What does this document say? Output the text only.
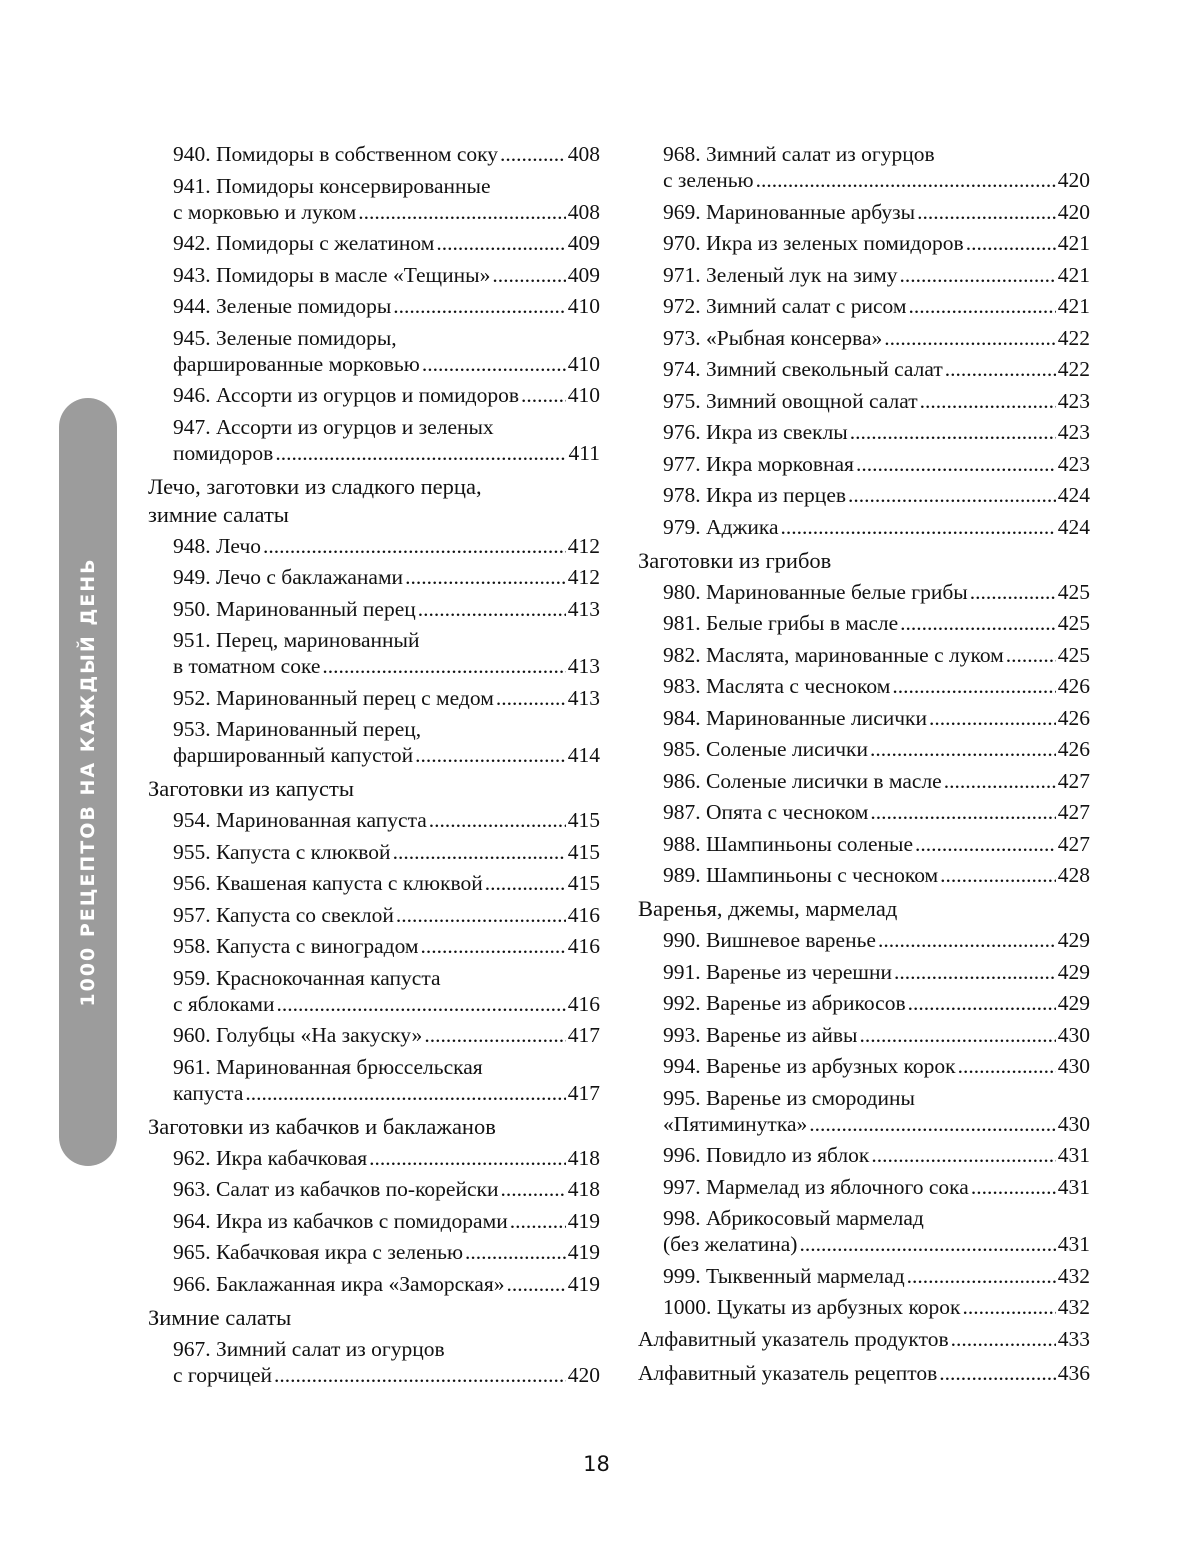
1000 РЕЦЕПТОВ НА КАЖДЫЙ ДЕНЬ
940. Помидоры в собственном соку .....	408
941. Помидоры консервированные
с морковью и луком .....	408
942. Помидоры с желатином .....	409
943. Помидоры в масле «Тещины» .....	409
944. Зеленые помидоры .....	410
945. Зеленые помидоры,
фаршированные морковью .....	410
946. Ассорти из огурцов и помидоров ..... 410
947. Ассорти из огурцов и зеленых
помидоров .....	411
Лечо, заготовки из сладкого перца,
зимние салаты
948. Лечо .....	412
949. Лечо с баклажанами .....	412
950. Маринованный перец .....	413
951. Перец, маринованный
в томатном соке .....	413
952. Маринованный перец с медом .....	413
953. Маринованный перец,
фаршированный капустой .....	414
Заготовки из капусты
954. Маринованная капуста .....	415
955. Капуста с клюквой .....	415
956. Квашеная капуста с клюквой .....	415
957. Капуста со свеклой .....	416
958. Капуста с виноградом .....	416
959. Краснокочанная капуста
с яблоками .....	416
960. Голубцы «На закуску» .....	417
961. Маринованная брюссельская
капуста .....	417
Заготовки из кабачков и баклажанов
962. Икра кабачковая .....	418
963. Салат из кабачков по-корейски .....	418
964. Икра из кабачков с помидорами .....	419
965. Кабачковая икра с зеленью .....	419
966. Баклажанная икра «Заморская» .....	419
Зимние салаты
967. Зимний салат из огурцов
с горчицей .....	420
968. Зимний салат из огурцов
с зеленью .....	420
969. Маринованные арбузы .....	420
970. Икра из зеленых помидоров .....	421
971. Зеленый лук на зиму .....	421
972. Зимний салат с рисом .....	421
973. «Рыбная консерва» .....	422
974. Зимний свекольный салат .....	422
975. Зимний овощной салат .....	423
976. Икра из свеклы .....	423
977. Икра морковная .....	423
978. Икра из перцев .....	424
979. Аджика .....	424
Заготовки из грибов
980. Маринованные белые грибы .....	425
981. Белые грибы в масле .....	425
982. Маслята, маринованные с луком .....	425
983. Маслята с чесноком .....	426
984. Маринованные лисички .....	426
985. Соленые лисички .....	426
986. Соленые лисички в масле .....	427
987. Опята с чесноком .....	427
988. Шампиньоны соленые .....	427
989. Шампиньоны с чесноком .....	428
Варенья, джемы, мармелад
990. Вишневое варенье .....	429
991. Варенье из черешни .....	429
992. Варенье из абрикосов .....	429
993. Варенье из айвы .....	430
994. Варенье из арбузных корок .....	430
995. Варенье из смородины
«Пятиминутка» .....	430
996. Повидло из яблок .....	431
997. Мармелад из яблочного сока .....	431
998. Абрикосовый мармелад
(без желатина) .....	431
999. Тыквенный мармелад .....	432
1000. Цукаты из арбузных корок .....	432
Алфавитный указатель продуктов .....	433
Алфавитный указатель рецептов .....	436
18
